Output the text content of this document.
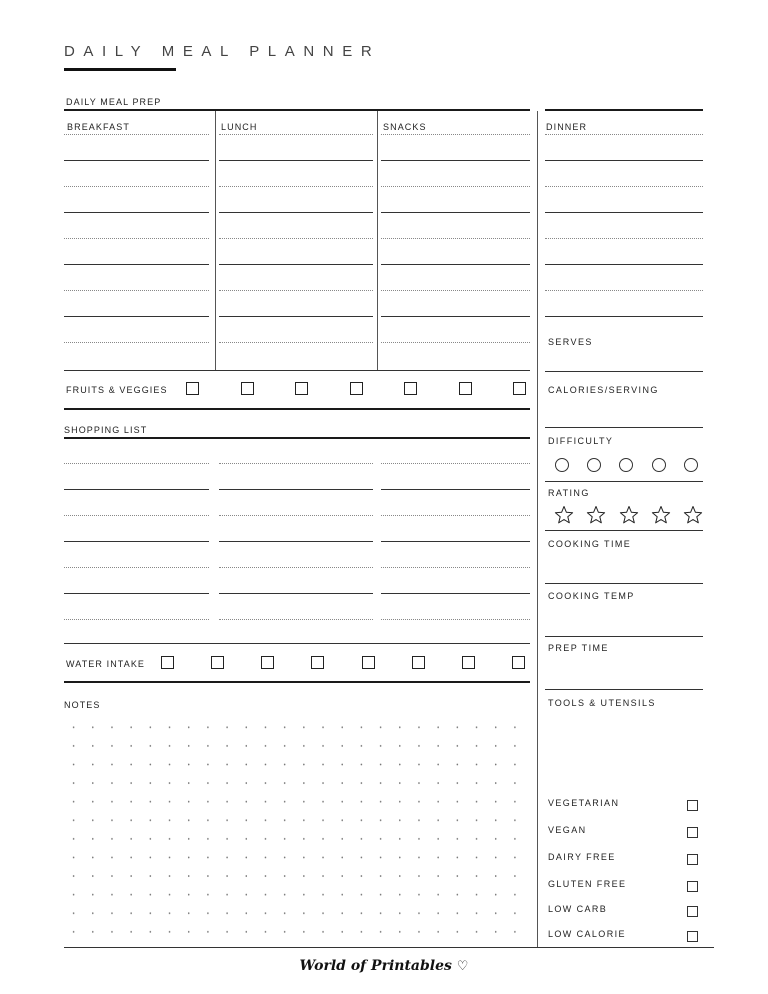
DAILY MEAL PLANNER
DAILY MEAL PREP
BREAKFAST	LUNCH	SNACKS	DINNER
FRUITS & VEGGIES
SHOPPING LIST
WATER INTAKE
NOTES
SERVES
CALORIES/SERVING
DIFFICULTY
RATING
COOKING TIME
COOKING TEMP
PREP TIME
TOOLS & UTENSILS
VEGETARIAN
VEGAN
DAIRY FREE
GLUTEN FREE
LOW CARB
LOW CALORIE
World of Printables ♡
